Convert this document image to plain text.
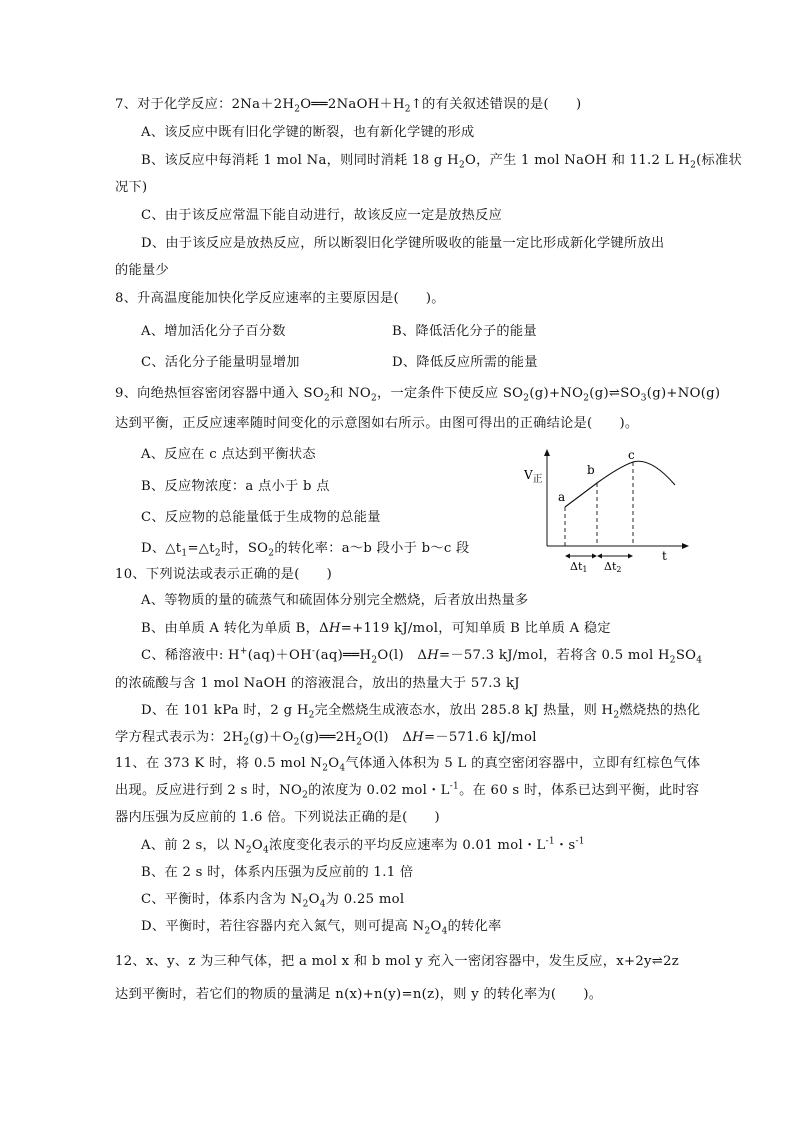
7、对于化学反应：$2Na+2H_2O══2NaOH+H_2↑$的有关叙述错误的是(　　)
A、该反应中既有旧化学键的断裂，也有新化学键的形成
B、该反应中每消耗 1 mol Na，则同时消耗 18 g $H_2O$，产生 1 mol NaOH 和 11.2 L $H_2$(标准状
况下)
C、由于该反应常温下能自动进行，故该反应一定是放热反应
D、由于该反应是放热反应，所以断裂旧化学键所吸收的能量一定比形成新化学键所放出
的能量少
8、升高温度能加快化学反应速率的主要原因是(　　)。
A、增加活化分子百分数	B、降低活化分子的能量
C、活化分子能量明显增加	D、降低反应所需的能量
9、向绝热恒容密闭容器中通入 $SO_2$和 $NO_2$，一定条件下使反应 $SO_2(g)+NO_2(g)\rightleftharpoons SO_3(g)+NO(g)$
达到平衡，正反应速率随时间变化的示意图如右所示。由图可得出的正确结论是(　　)。
A、反应在 c 点达到平衡状态
B、反应物浓度：a 点小于 b 点
C、反应物的总能量低于生成物的总能量
D、$\triangle t_1=\triangle t_2$时，$SO_2$的转化率：a～b 段小于 b～c 段
10、下列说法或表示正确的是(　　)
A、等物质的量的硫蒸气和硫固体分别完全燃烧，后者放出热量多
B、由单质 A 转化为单质 B，ΔH=+119 kJ/mol，可知单质 B 比单质 A 稳定
C、稀溶液中: $H^+(aq)+OH^-(aq)══H_2O(l)$　ΔH=－57.3 kJ/mol，若将含 0.5 mol $H_2SO_4$
的浓硫酸与含 1 mol NaOH 的溶液混合，放出的热量大于 57.3 kJ
D、在 101 kPa 时，2 g $H_2$完全燃烧生成液态水，放出 285.8 kJ 热量，则 $H_2$燃烧热的热化
学方程式表示为：$2H_2(g)+O_2(g)══2H_2O(l)$　ΔH=－571.6 kJ/mol
11、在 373 K 时，将 0.5 mol $N_2O_4$气体通入体积为 5 L 的真空密闭容器中，立即有红棕色气体
出现。反应进行到 2 s 时，$NO_2$的浓度为 0.02 mol・$L^{-1}$。在 60 s 时，体系已达到平衡，此时容
器内压强为反应前的 1.6 倍。下列说法正确的是(　　)
A、前 2 s，以 $N_2O_4$浓度变化表示的平均反应速率为 0.01 mol・$L^{-1}$・$s^{-1}$
B、在 2 s 时，体系内压强为反应前的 1.1 倍
C、平衡时，体系内含为 $N_2O_4$为 0.25 mol
D、平衡时，若往容器内充入氮气，则可提高 $N_2O_4$的转化率
12、x、y、z 为三种气体，把 a mol x 和 b mol y 充入一密闭容器中，发生反应，x+2y⇌2z
达到平衡时，若它们的物质的量满足 n(x)+n(y)=n(z)，则 y 的转化率为(　　)。
$V_正$
t
a
b
c
Δt1 Δt2
